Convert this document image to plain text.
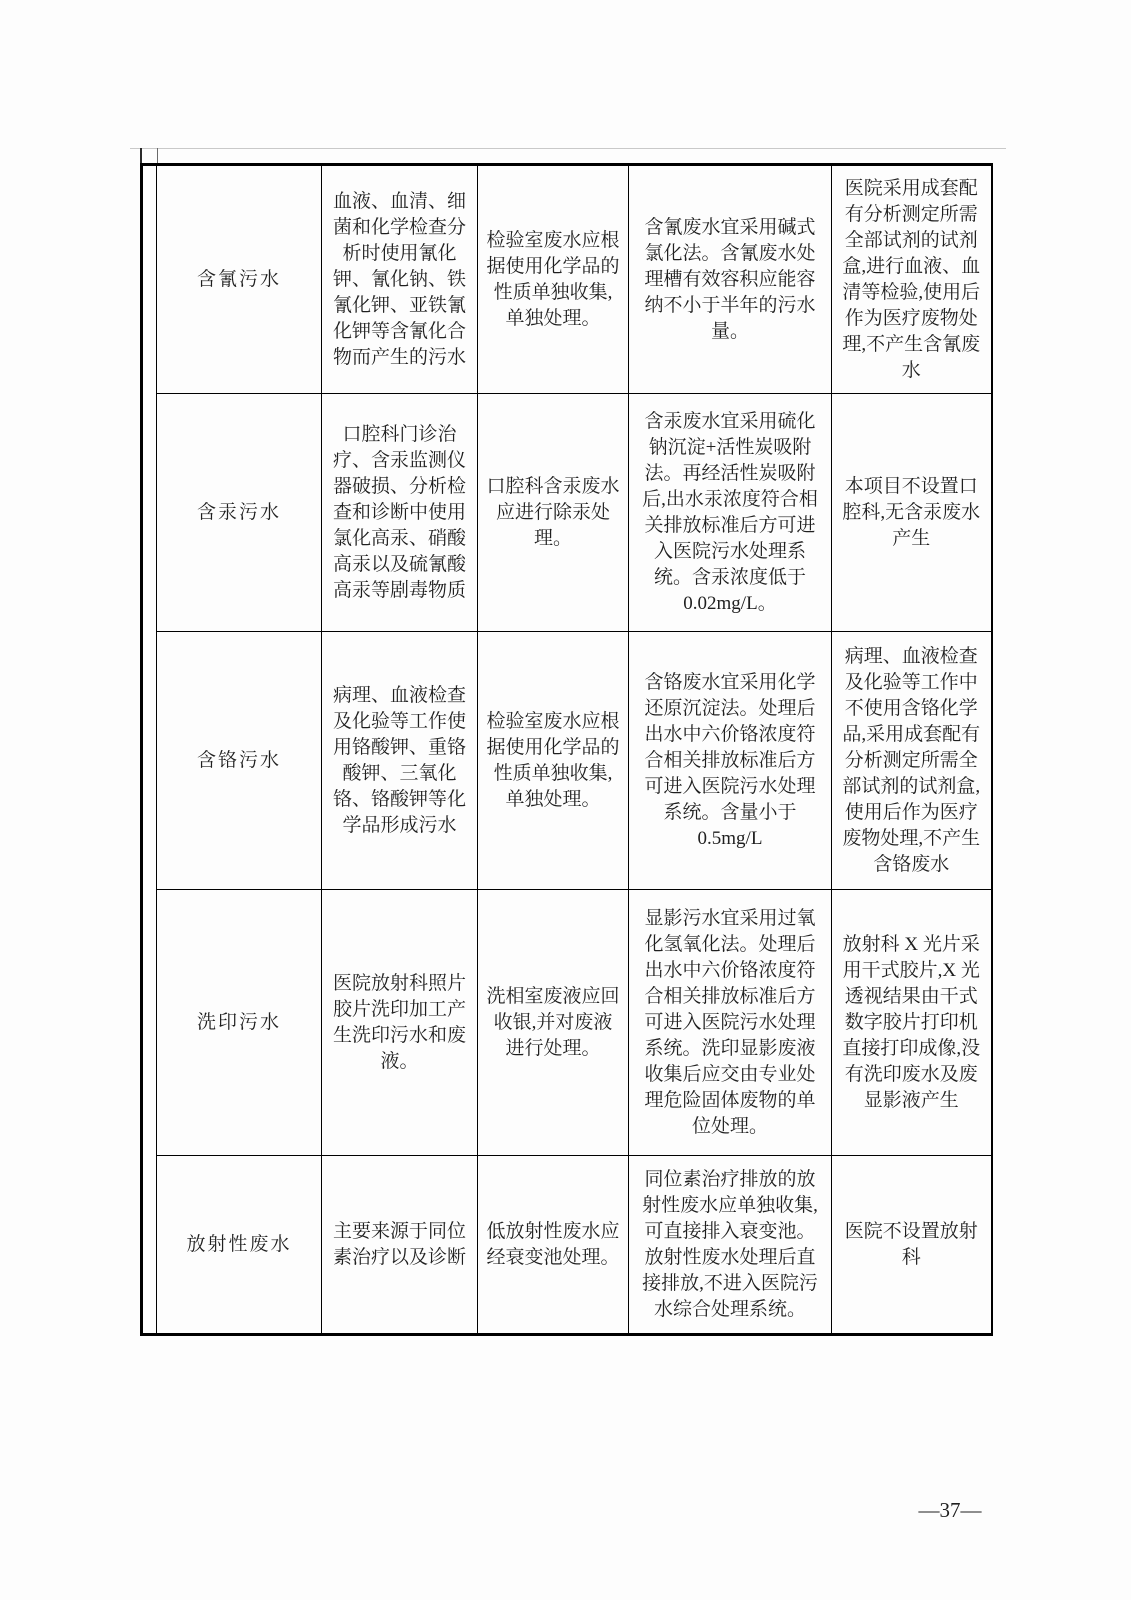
	含氰污水	血液、血清、细菌和化学检查分析时使用氰化钾、氰化钠、铁氰化钾、亚铁氰化钾等含氰化合物而产生的污水	检验室废水应根据使用化学品的性质单独收集,单独处理。	含氰废水宜采用碱式氯化法。含氰废水处理槽有效容积应能容纳不小于半年的污水量。	医院采用成套配有分析测定所需全部试剂的试剂盒,进行血液、血清等检验,使用后作为医疗废物处理,不产生含氰废水
	含汞污水	口腔科门诊治疗、含汞监测仪器破损、分析检查和诊断中使用氯化高汞、硝酸高汞以及硫氰酸高汞等剧毒物质	口腔科含汞废水应进行除汞处理。	含汞废水宜采用硫化钠沉淀+活性炭吸附法。再经活性炭吸附后,出水汞浓度符合相关排放标准后方可进入医院污水处理系统。含汞浓度低于0.02mg/L。	本项目不设置口腔科,无含汞废水产生
	含铬污水	病理、血液检查及化验等工作使用铬酸钾、重铬酸钾、三氧化铬、铬酸钾等化学品形成污水	检验室废水应根据使用化学品的性质单独收集,单独处理。	含铬废水宜采用化学还原沉淀法。处理后出水中六价铬浓度符合相关排放标准后方可进入医院污水处理系统。含量小于 0.5mg/L	病理、血液检查及化验等工作中不使用含铬化学品,采用成套配有分析测定所需全部试剂的试剂盒,使用后作为医疗废物处理,不产生含铬废水
	洗印污水	医院放射科照片胶片洗印加工产生洗印污水和废液。	洗相室废液应回收银,并对废液进行处理。	显影污水宜采用过氧化氢氧化法。处理后出水中六价铬浓度符合相关排放标准后方可进入医院污水处理系统。洗印显影废液收集后应交由专业处理危险固体废物的单位处理。	放射科 X 光片采用干式胶片,X 光透视结果由干式数字胶片打印机直接打印成像,没有洗印废水及废显影液产生
	放射性废水	主要来源于同位素治疗以及诊断	低放射性废水应经衰变池处理。	同位素治疗排放的放射性废水应单独收集,可直接排入衰变池。放射性废水处理后直接排放,不进入医院污水综合处理系统。	医院不设置放射科
—37—
